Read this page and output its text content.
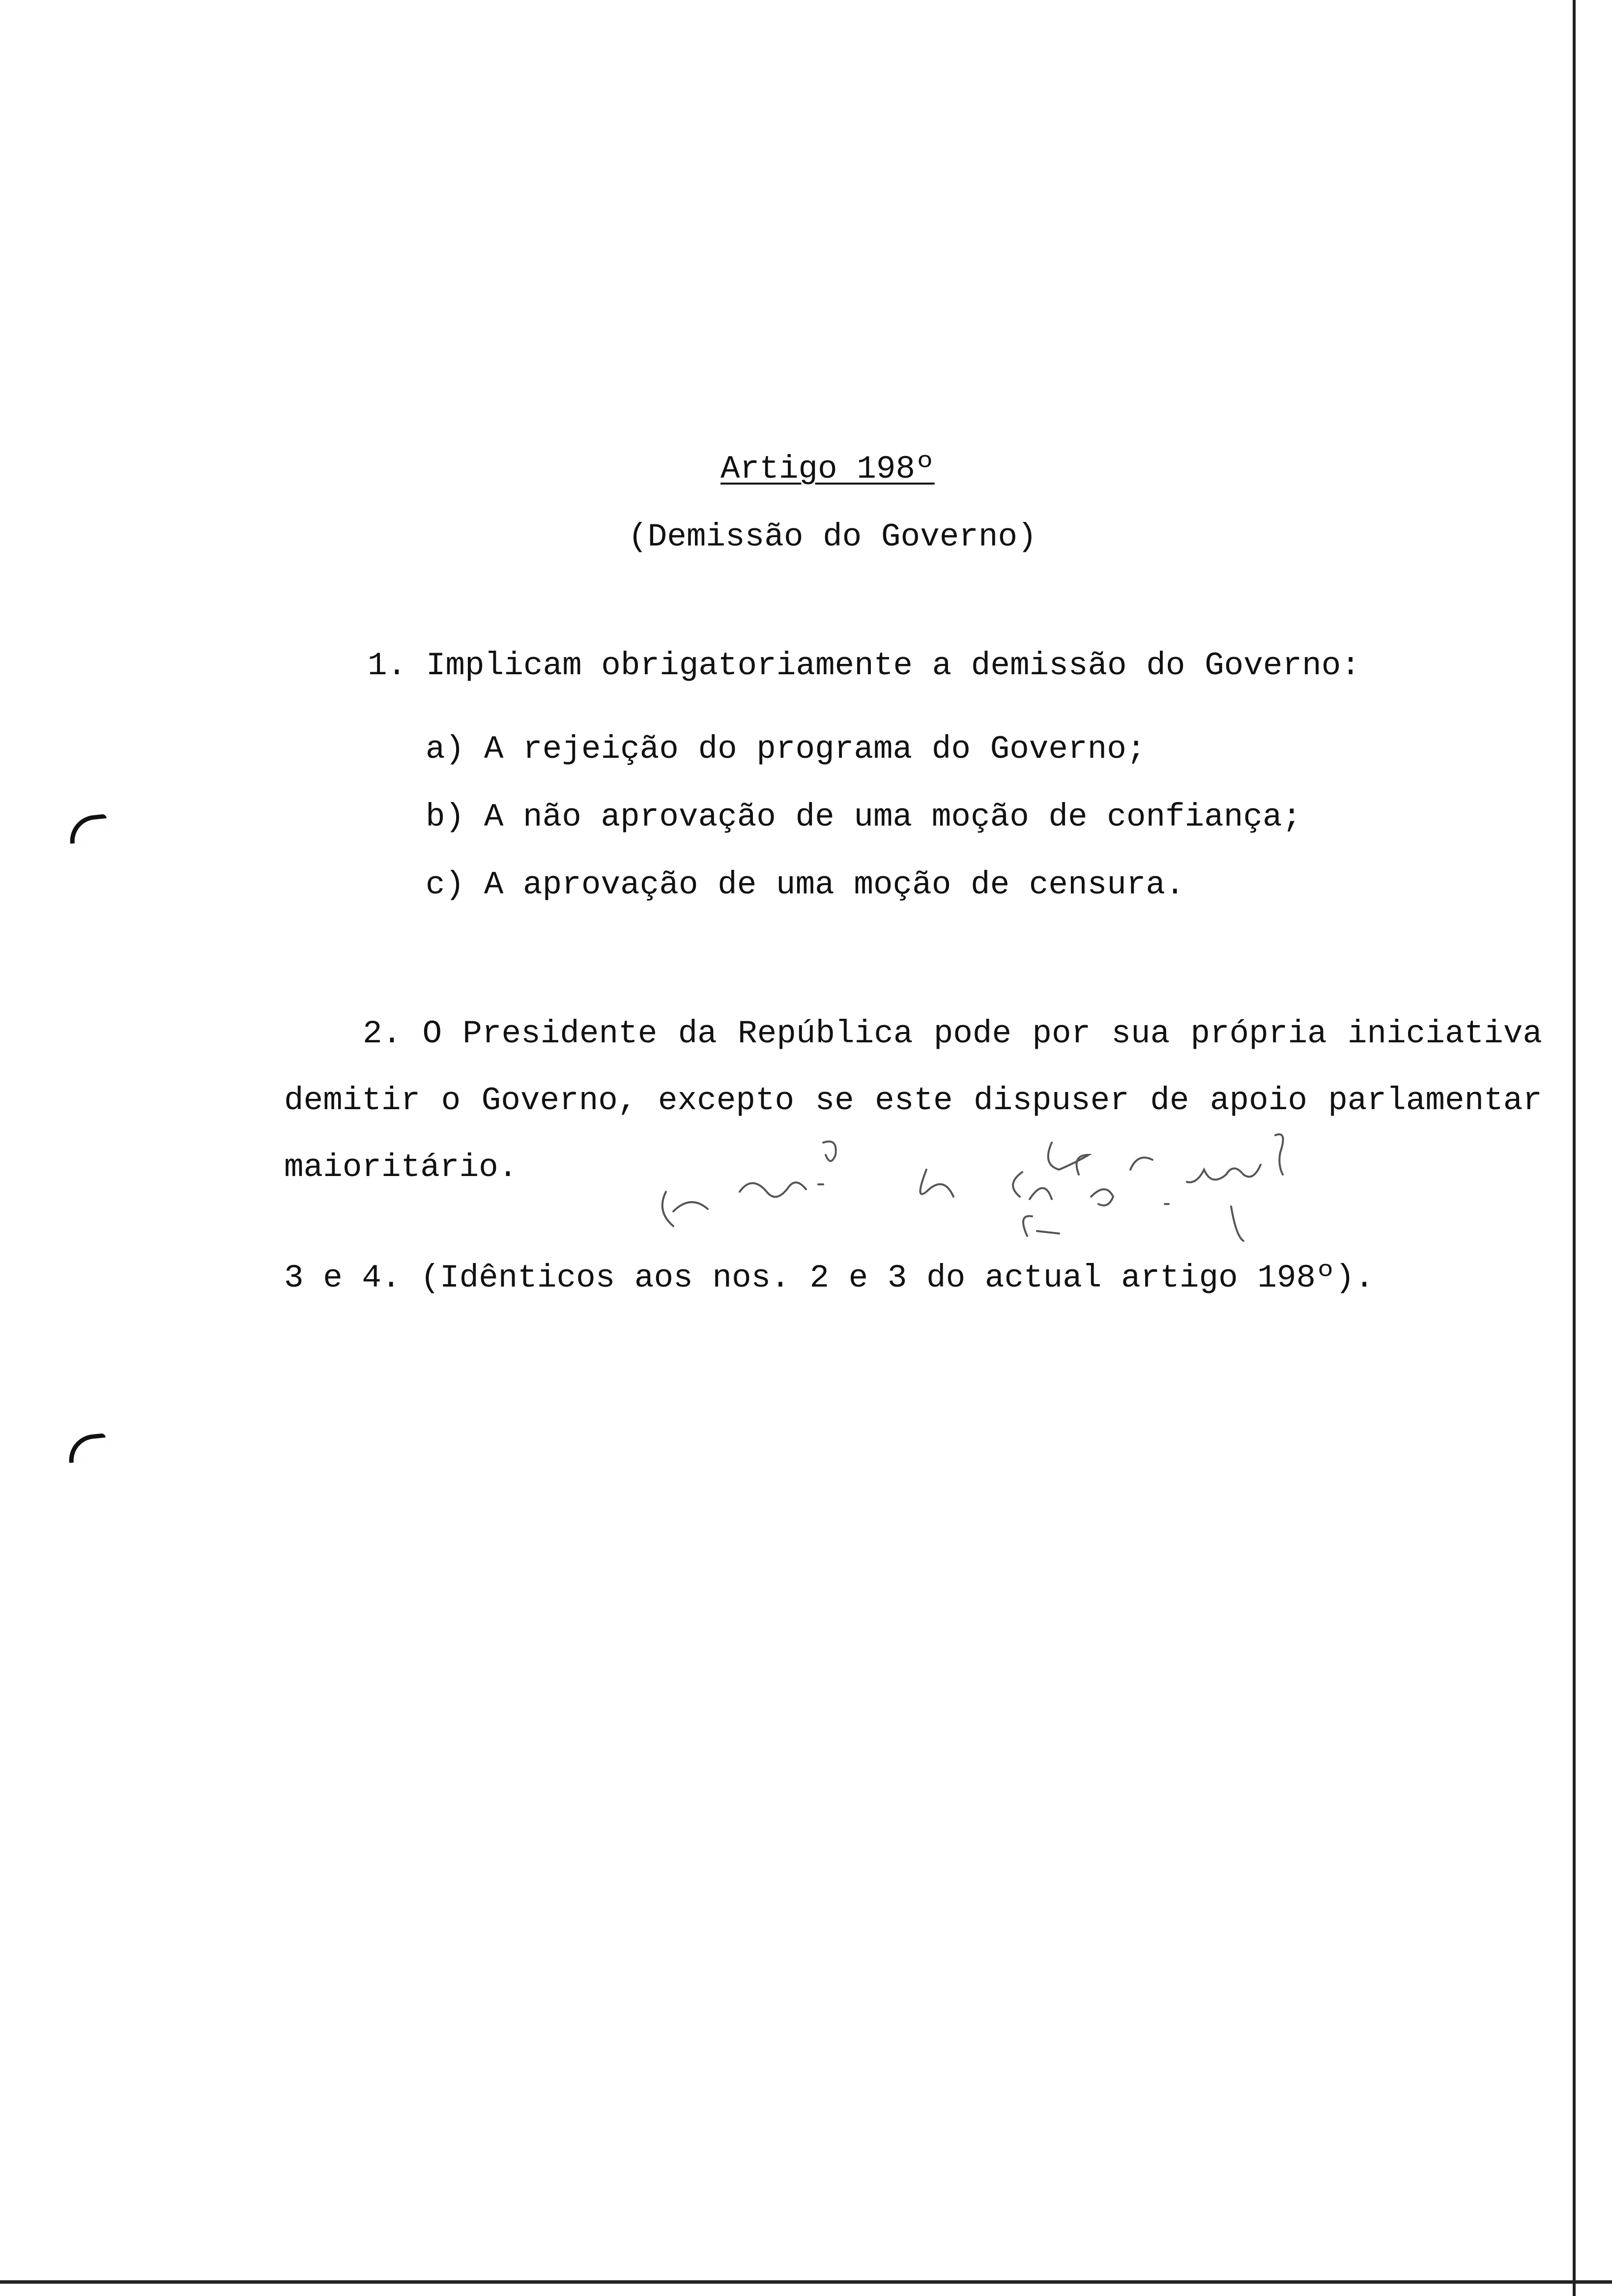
Artigo 198º
(Demissão do Governo)
1. Implicam obrigatoriamente a demissão do Governo:
a) A rejeição do programa do Governo;
b) A não aprovação de uma moção de confiança;
c) A aprovação de uma moção de censura.
2. O Presidente da República pode por sua própria iniciativa demitir o Governo, excepto se este dispuser de apoio parlamentar maioritário.
3 e 4. (Idênticos aos nos. 2 e 3 do actual artigo 198º).
